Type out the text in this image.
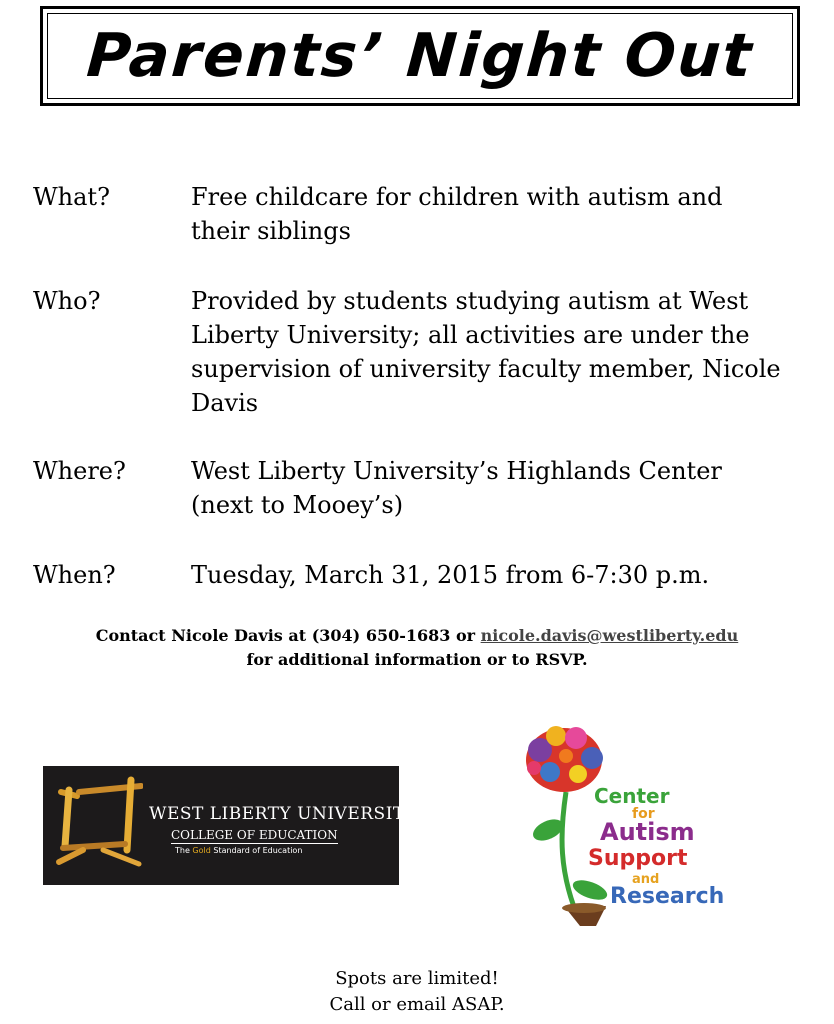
Parents’ Night Out
What?	Free childcare for children with autism and their siblings
Who?	Provided by students studying autism at West Liberty University; all activities are under the supervision of university faculty member, Nicole Davis
Where?	West Liberty University’s Highlands Center (next to Mooey’s)
When?	Tuesday, March 31, 2015 from 6-7:30 p.m.
Contact Nicole Davis at (304) 650-1683 or nicole.davis@westliberty.edu
for additional information or to RSVP.
WEST LIBERTY UNIVERSITY
COLLEGE OF EDUCATION
The Gold Standard of Education
Center
for
Autism
Support
and
Research
Spots are limited!
Call or email ASAP.
